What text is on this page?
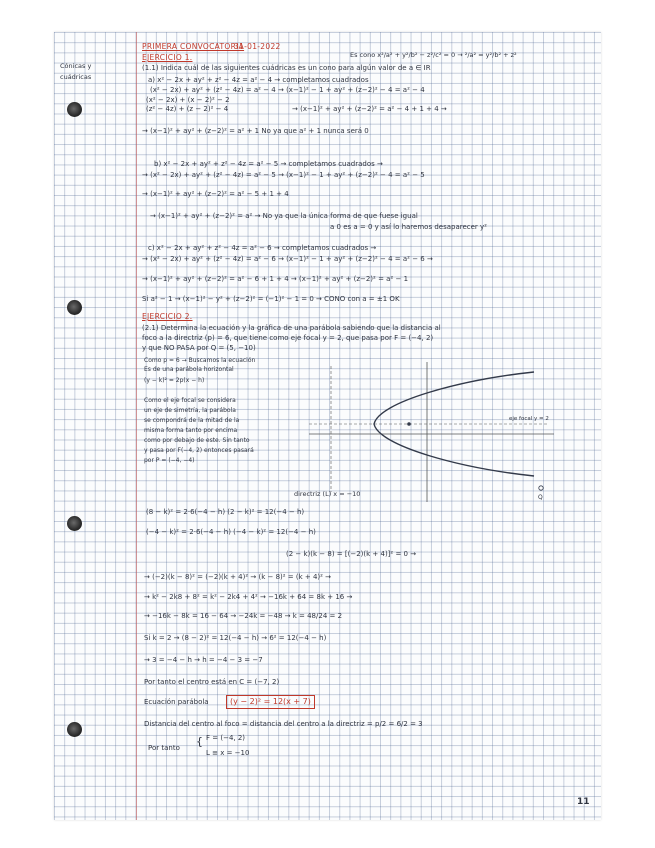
PRIMERA CONVOCATORIA
31-01-2022
EJERCICIO 1.	Es cono x²/a² + y²/b² − z²/c² = 0 → ²/a² = y²/b² + z²
Cónicas y cuádricas
(1.1) Indica cuál de las siguientes cuádricas es un cono para algún valor de a ∈ IR
a) x² − 2x + ay² + z² − 4z = a² − 4 → completamos cuadrados
(x² − 2x) + ay² + (z² − 4z) = a² − 4 → (x−1)² − 1 + ay² + (z−2)² − 4 = a² − 4
(x² − 2x) + (x − 2)² − 2
(z² − 4z) + (z − 2)² − 4	→ (x−1)² + ay² + (z−2)² = a² − 4 + 1 + 4 →
→ (x−1)² + ay² + (z−2)² = a² + 1 No ya que a² + 1 nunca será 0
b) x² − 2x + ay² + z² − 4z = a² − 5 → completamos cuadrados →
→ (x² − 2x) + ay² + (z² − 4z) = a² − 5 → (x−1)² − 1 + ay² + (z−2)² − 4 = a² − 5
→ (x−1)² + ay² + (z−2)² = a² − 5 + 1 + 4
→ (x−1)² + ay² + (z−2)² = a² → No ya que la única forma de que fuese igual
a 0 es a = 0 y así lo haremos desaparecer y²
c) x² − 2x + ay² + z² − 4z = a² − 6 → completamos cuadrados →
→ (x² − 2x) + ay² + (z² − 4z) = a² − 6 → (x−1)² − 1 + ay² + (z−2)² − 4 = a² − 6 →
→ (x−1)² + ay² + (z−2)² = a² − 6 + 1 + 4 → (x−1)² + ay² + (z−2)² = a² − 1
Si a² − 1 → (x−1)² − y² + (z−2)² = (−1)² − 1 = 0 → CONO con a = ±1 OK
EJERCICIO 2.
(2.1) Determina la ecuación y la gráfica de una parábola sabiendo que la distancia al
foco a la directriz (p) = 6, que tiene como eje focal y = 2, que pasa por F = (−4, 2)
y que NO PASA por Q = (5, −10)
Como p = 6 → Buscamos la ecuación
Es de una parábola horizontal
(y − k)² = 2p(x − h)
Como el eje focal se considera
un eje de simetría, la parábola
se compondrá de la mitad de la
misma forma tanto por encima
como por debajo de este. Sin tanto
y pasa por F(−4, 2) entonces pasará
por P = (−4, −4)
Q
eje focal y = 2
directriz (L) x = −10
(8 − k)² = 2·6(−4 − h) (2 − k)² = 12(−4 − h)
(−4 − k)² = 2·6(−4 − h) (−4 − k)² = 12(−4 − h)
(2 − k)(k − 8) = [(−2)(k + 4)]² = 0 →
→ (−2)(k − 8)² = (−2)(k + 4)² → (k − 8)² = (k + 4)² →
→ k² − 2k8 + 8² = k² − 2k4 + 4² → −16k + 64 = 8k + 16 →
→ −16k − 8k = 16 − 64 → −24k = −48 → k = 48/24 = 2
Si k = 2 → (8 − 2)² = 12(−4 − h) → 6² = 12(−4 − h)
→ 3 = −4 − h → h = −4 − 3 = −7
Por tanto el centro está en C = (−7, 2)
Ecuación parábola	(y − 2)² = 12(x + 7)
Distancia del centro al foco = distancia del centro a la directriz = p/2 = 6/2 = 3
Por tanto { F = (−4, 2)
L ≡ x = −10
11
